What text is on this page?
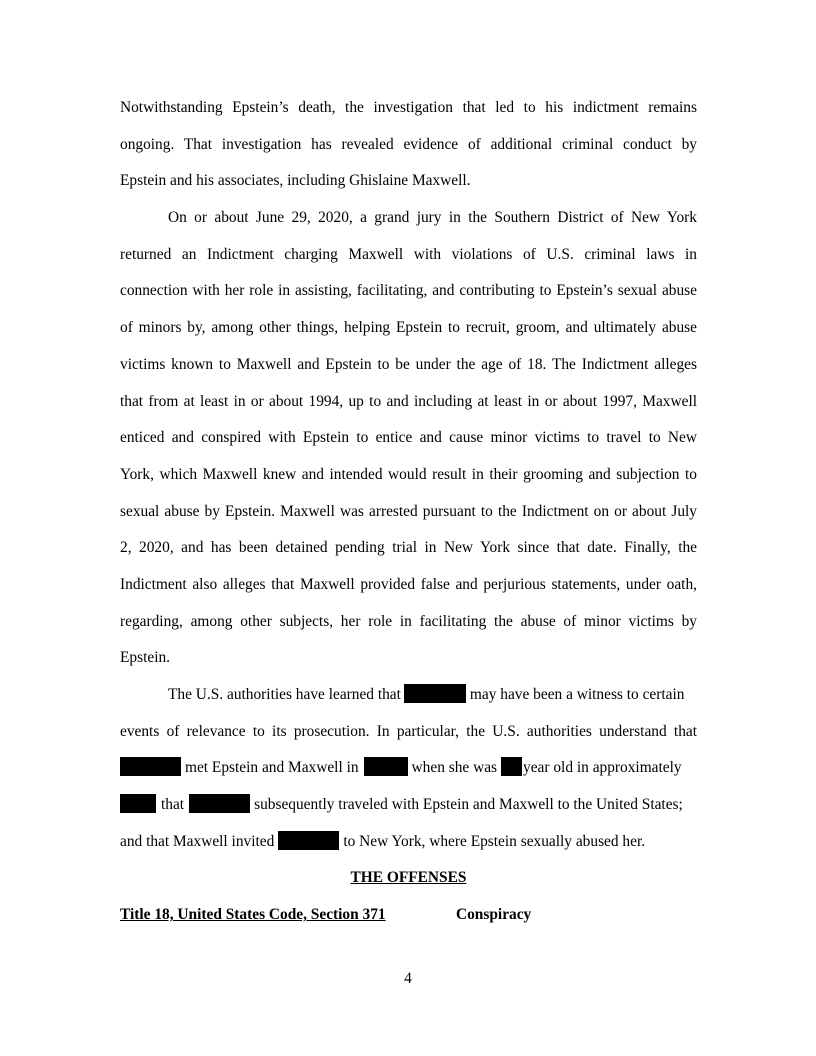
Notwithstanding Epstein’s death, the investigation that led to his indictment remains
ongoing. That investigation has revealed evidence of additional criminal conduct by
Epstein and his associates, including Ghislaine Maxwell.
On or about June 29, 2020, a grand jury in the Southern District of New York
returned an Indictment charging Maxwell with violations of U.S. criminal laws in
connection with her role in assisting, facilitating, and contributing to Epstein’s sexual abuse
of minors by, among other things, helping Epstein to recruit, groom, and ultimately abuse
victims known to Maxwell and Epstein to be under the age of 18. The Indictment alleges
that from at least in or about 1994, up to and including at least in or about 1997, Maxwell
enticed and conspired with Epstein to entice and cause minor victims to travel to New
York, which Maxwell knew and intended would result in their grooming and subjection to
sexual abuse by Epstein. Maxwell was arrested pursuant to the Indictment on or about July
2, 2020, and has been detained pending trial in New York since that date. Finally, the
Indictment also alleges that Maxwell provided false and perjurious statements, under oath,
regarding, among other subjects, her role in facilitating the abuse of minor victims by
Epstein.
The U.S. authorities have learned that	may have been a witness to certain
events of relevance to its prosecution. In particular, the U.S. authorities understand that
met Epstein and Maxwell in	when she was year old in approximately
that	subsequently traveled with Epstein and Maxwell to the United States;
and that Maxwell invited	to New York, where Epstein sexually abused her.
THE OFFENSES
Title 18, United States Code, Section 371	Conspiracy
4
